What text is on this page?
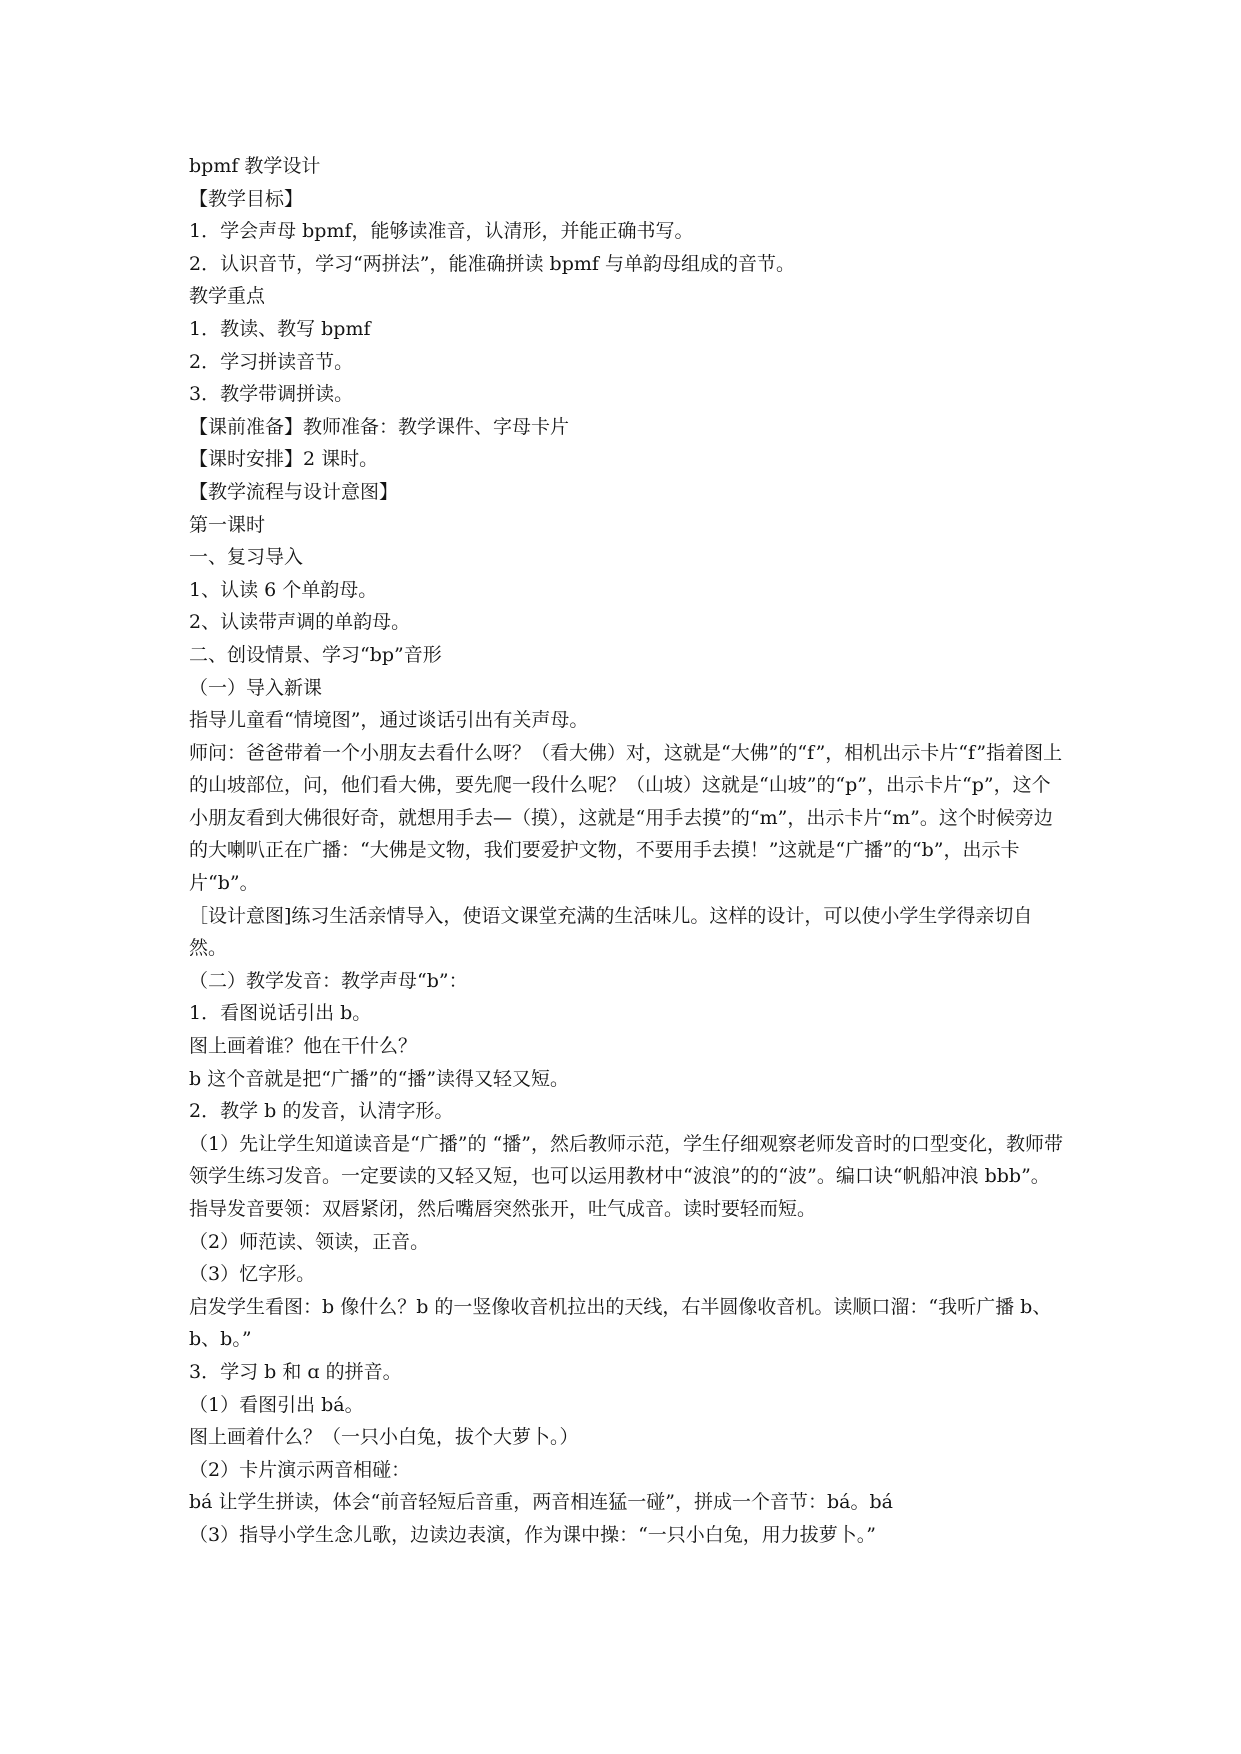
bpmf 教学设计

【教学目标】

1．学会声母 bpmf，能够读准音，认清形，并能正确书写。

2．认识音节，学习“两拼法”，能准确拼读 bpmf 与单韵母组成的音节。

教学重点

1．教读、教写 bpmf

2．学习拼读音节。

3．教学带调拼读。

【课前准备】教师准备：教学课件、字母卡片

【课时安排】2 课时。

【教学流程与设计意图】

第一课时

一、复习导入

1、认读 6 个单韵母。

2、认读带声调的单韵母。

二、创设情景、学习“bp”音形

（一）导入新课

指导儿童看“情境图”，通过谈话引出有关声母。

师问：爸爸带着一个小朋友去看什么呀？（看大佛）对，这就是“大佛”的“f”，相机出示卡片“f”指着图上的山坡部位，问，他们看大佛，要先爬一段什么呢？（山坡）这就是“山坡”的“p”，出示卡片“p”，这个小朋友看到大佛很好奇，就想用手去—（摸），这就是“用手去摸”的“m”，出示卡片“m”。这个时候旁边的大喇叭正在广播：“大佛是文物，我们要爱护文物，不要用手去摸！”这就是“广播”的“b”，出示卡片“b”。

［设计意图]练习生活亲情导入，使语文课堂充满的生活味儿。这样的设计，可以使小学生学得亲切自然。

（二）教学发音：教学声母“b”：

1．看图说话引出 b。

图上画着谁？他在干什么？

b 这个音就是把“广播”的“播”读得又轻又短。

2．教学 b 的发音，认清字形。

（1）先让学生知道读音是“广播”的 “播”，然后教师示范，学生仔细观察老师发音时的口型变化，教师带领学生练习发音。一定要读的又轻又短，也可以运用教材中“波浪”的的“波”。编口诀“帆船冲浪 bbb”。

指导发音要领：双唇紧闭，然后嘴唇突然张开，吐气成音。读时要轻而短。

（2）师范读、领读，正音。

（3）忆字形。

启发学生看图：b 像什么？b 的一竖像收音机拉出的天线，右半圆像收音机。读顺口溜：“我听广播 b、b、b。”

3．学习 b 和 ɑ 的拼音。

（1）看图引出 bá。

图上画着什么？（一只小白兔，拔个大萝卜。）

（2）卡片演示两音相碰：

bá 让学生拼读，体会“前音轻短后音重，两音相连猛一碰”，拼成一个音节：bá。bá

（3）指导小学生念儿歌，边读边表演，作为课中操：“一只小白兔，用力拔萝卜。”
